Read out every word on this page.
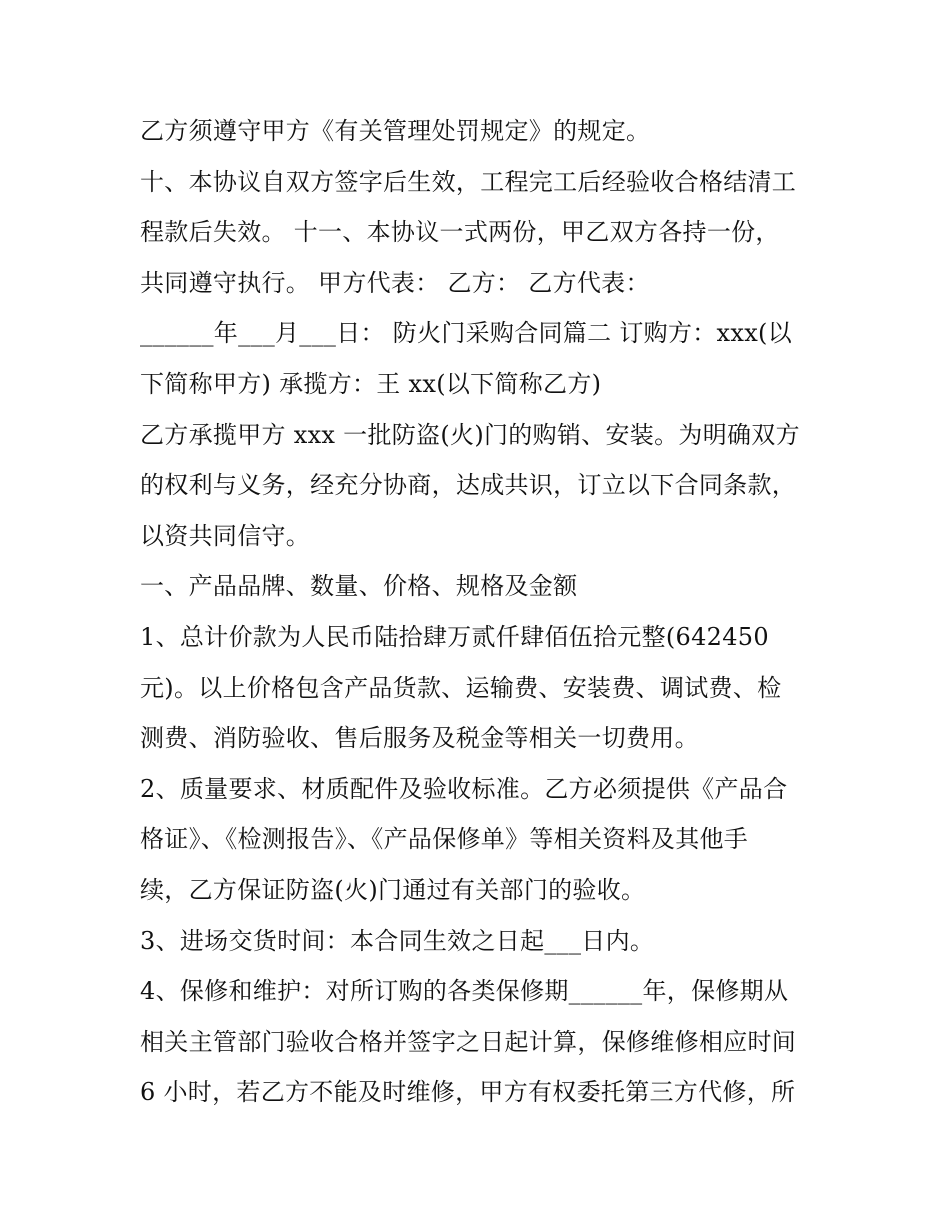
乙方须遵守甲方《有关管理处罚规定》的规定。
十、本协议自双方签字后生效，工程完工后经验收合格结清工
程款后失效。 十一、本协议一式两份，甲乙双方各持一份，
共同遵守执行。 甲方代表： 乙方： 乙方代表：
______年___月___日： 防火门采购合同篇二 订购方：xxx(以
下简称甲方) 承揽方：王 xx(以下简称乙方)
乙方承揽甲方 xxx 一批防盗(火)门的购销、安装。为明确双方
的权利与义务，经充分协商，达成共识，订立以下合同条款，
以资共同信守。
一、产品品牌、数量、价格、规格及金额
1、总计价款为人民币陆拾肆万贰仟肆佰伍拾元整(642450
元)。以上价格包含产品货款、运输费、安装费、调试费、检
测费、消防验收、售后服务及税金等相关一切费用。
2、质量要求、材质配件及验收标准。乙方必须提供《产品合
格证》、《检测报告》、《产品保修单》等相关资料及其他手
续，乙方保证防盗(火)门通过有关部门的验收。
3、进场交货时间：本合同生效之日起___日内。
4、保修和维护：对所订购的各类保修期______年，保修期从
相关主管部门验收合格并签字之日起计算，保修维修相应时间
6 小时，若乙方不能及时维修，甲方有权委托第三方代修，所
